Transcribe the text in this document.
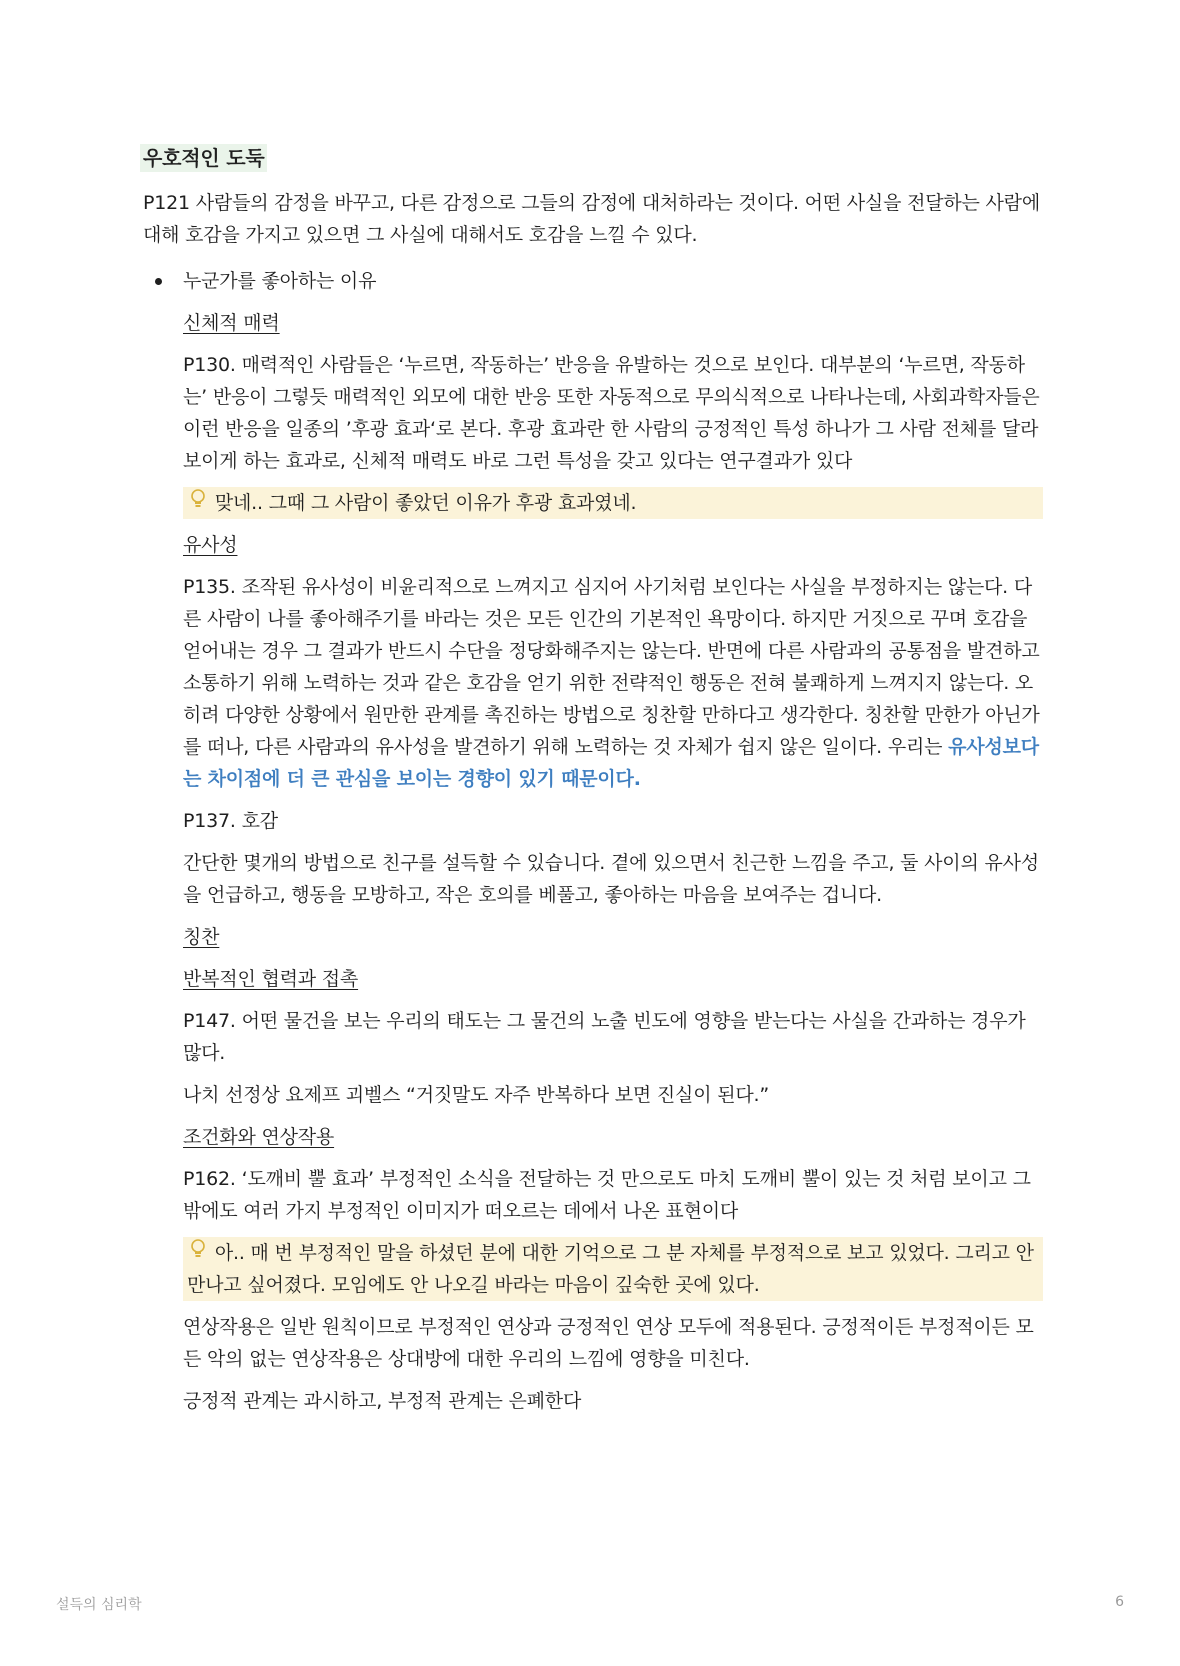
우호적인 도둑

P121 사람들의 감정을 바꾸고, 다른 감정으로 그들의 감정에 대처하라는 것이다. 어떤 사실을 전달하는 사람에 대해 호감을 가지고 있으면 그 사실에 대해서도 호감을 느낄 수 있다.

누군가를 좋아하는 이유
신체적 매력

P130. 매력적인 사람들은 ‘누르면, 작동하는’ 반응을 유발하는 것으로 보인다. 대부분의 ‘누르면, 작동하는’ 반응이 그렇듯 매력적인 외모에 대한 반응 또한 자동적으로 무의식적으로 나타나는데, 사회과학자들은 이런 반응을 일종의 ’후광 효과‘로 본다. 후광 효과란 한 사람의 긍정적인 특성 하나가 그 사람 전체를 달라 보이게 하는 효과로, 신체적 매력도 바로 그런 특성을 갖고 있다는 연구결과가 있다

맞네.. 그때 그 사람이 좋았던 이유가 후광 효과였네.
유사성

P135. 조작된 유사성이 비윤리적으로 느껴지고 심지어 사기처럼 보인다는 사실을 부정하지는 않는다. 다른 사람이 나를 좋아해주기를 바라는 것은 모든 인간의 기본적인 욕망이다. 하지만 거짓으로 꾸며 호감을 얻어내는 경우 그 결과가 반드시 수단을 정당화해주지는 않는다. 반면에 다른 사람과의 공통점을 발견하고 소통하기 위해 노력하는 것과 같은 호감을 얻기 위한 전략적인 행동은 전혀 불쾌하게 느껴지지 않는다. 오히려 다양한 상황에서 원만한 관계를 촉진하는 방법으로 칭찬할 만하다고 생각한다. 칭찬할 만한가 아닌가를 떠나, 다른 사람과의 유사성을 발견하기 위해 노력하는 것 자체가 쉽지 않은 일이다. 우리는 유사성보다는 차이점에 더 큰 관심을 보이는 경향이 있기 때문이다.

P137. 호감

간단한 몇개의 방법으로 친구를 설득할 수 있습니다. 곁에 있으면서 친근한 느낌을 주고, 둘 사이의 유사성을 언급하고, 행동을 모방하고, 작은 호의를 베풀고, 좋아하는 마음을 보여주는 겁니다.

칭찬
반복적인 협력과 접촉

P147. 어떤 물건을 보는 우리의 태도는 그 물건의 노출 빈도에 영향을 받는다는 사실을 간과하는 경우가 많다.

나치 선정상 요제프 괴벨스 “거짓말도 자주 반복하다 보면 진실이 된다.”

조건화와 연상작용

P162. ‘도깨비 뿔 효과’ 부정적인 소식을 전달하는 것 만으로도 마치 도깨비 뿔이 있는 것 처럼 보이고 그 밖에도 여러 가지 부정적인 이미지가 떠오르는 데에서 나온 표현이다

아.. 매 번 부정적인 말을 하셨던 분에 대한 기억으로 그 분 자체를 부정적으로 보고 있었다. 그리고 안 만나고 싶어졌다. 모임에도 안 나오길 바라는 마음이 깊숙한 곳에 있다.

연상작용은 일반 원칙이므로 부정적인 연상과 긍정적인 연상 모두에 적용된다. 긍정적이든 부정적이든 모든 악의 없는 연상작용은 상대방에 대한 우리의 느낌에 영향을 미친다.

긍정적 관계는 과시하고, 부정적 관계는 은폐한다

설득의 심리학	6
